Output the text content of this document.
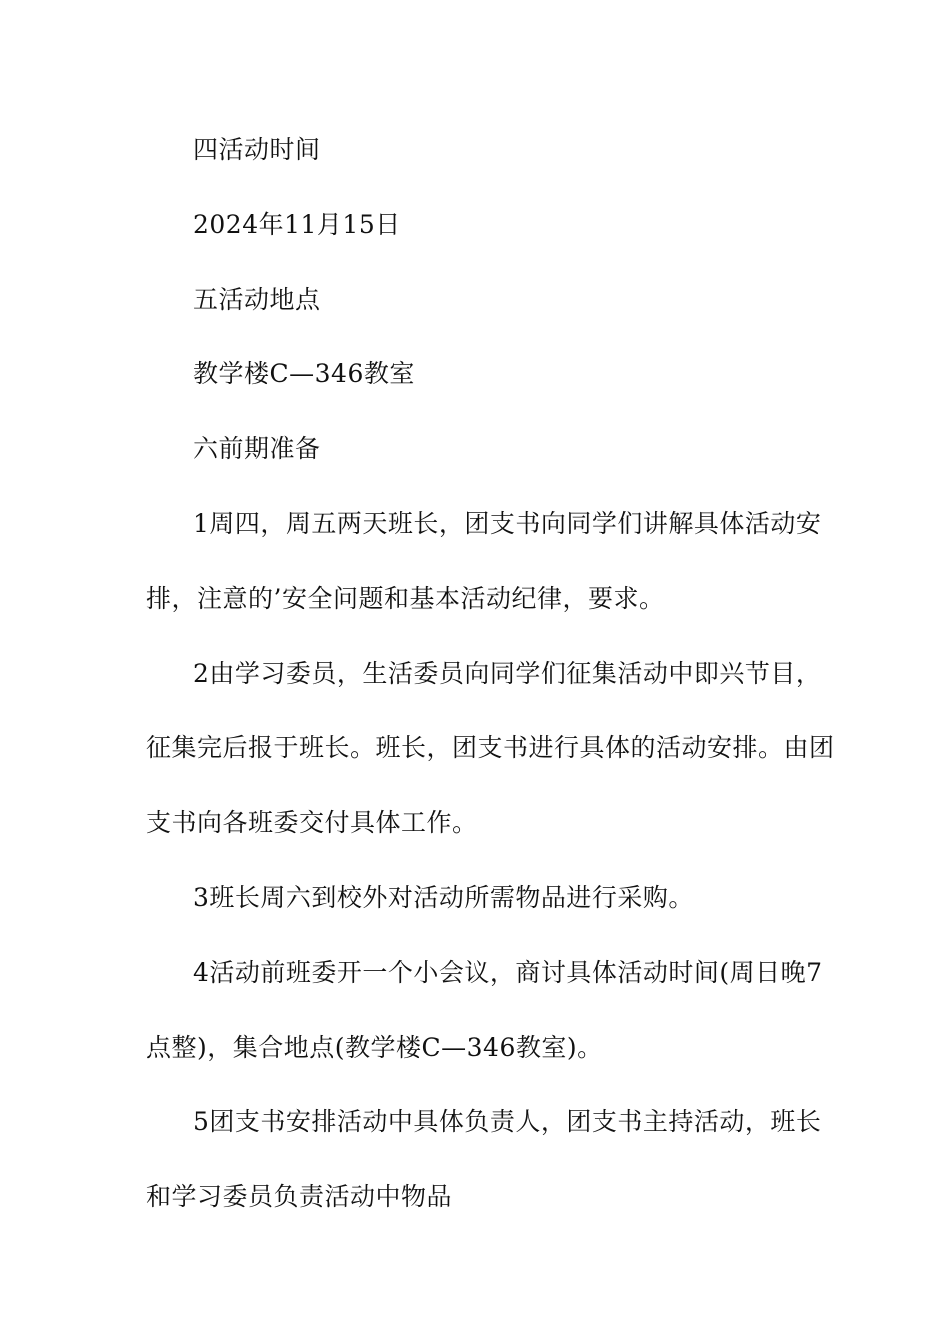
四活动时间
2024年11月15日
五活动地点
教学楼C—346教室
六前期准备
1周四，周五两天班长，团支书向同学们讲解具体活动安
排，注意的’安全问题和基本活动纪律，要求。
2由学习委员，生活委员向同学们征集活动中即兴节目，
征集完后报于班长。班长，团支书进行具体的活动安排。由团
支书向各班委交付具体工作。
3班长周六到校外对活动所需物品进行采购。
4活动前班委开一个小会议，商讨具体活动时间(周日晚7
点整)，集合地点(教学楼C—346教室)。
5团支书安排活动中具体负责人，团支书主持活动，班长
和学习委员负责活动中物品
